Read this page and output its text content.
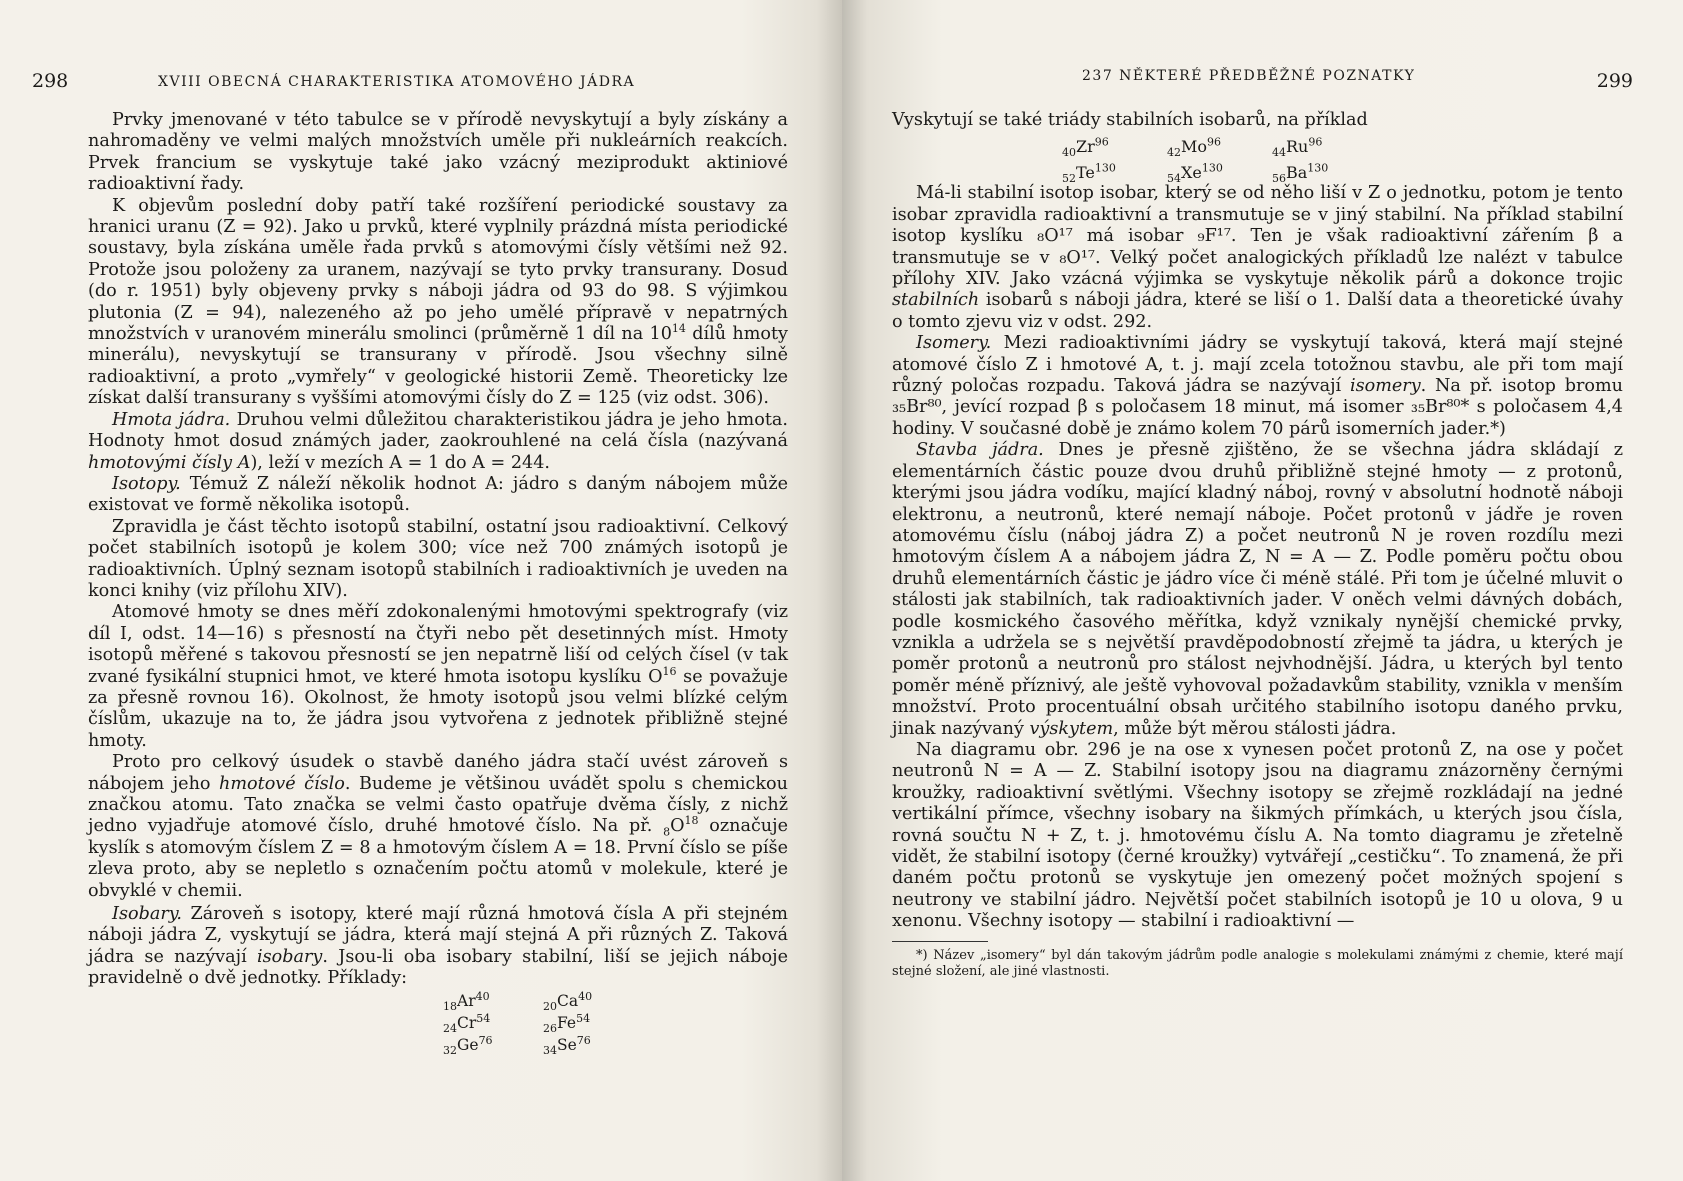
298	XVIII OBECNÁ CHARAKTERISTIKA ATOMOVÉHO JÁDRA

Prvky jmenované v této tabulce se v přírodě nevyskytují a byly získány a nahromaděny ve velmi malých množstvích uměle při nukleárních reakcích. Prvek francium se vyskytuje také jako vzácný meziprodukt aktiniové radioaktivní řady.

K objevům poslední doby patří také rozšíření periodické soustavy za hranici uranu (Z = 92). Jako u prvků, které vyplnily prázdná místa periodické soustavy, byla získána uměle řada prvků s atomovými čísly většími než 92. Protože jsou položeny za uranem, nazývají se tyto prvky transurany. Dosud (do r. 1951) byly objeveny prvky s náboji jádra od 93 do 98. S výjimkou plutonia (Z = 94), nalezeného až po jeho umělé přípravě v nepatrných množstvích v uranovém minerálu smolinci (průměrně 1 díl na $10^{14}$ dílů hmoty minerálu), nevyskytují se transurany v přírodě. Jsou všechny silně radioaktivní, a proto „vymřely“ v geologické historii Země. Theoreticky lze získat další transurany s vyššími atomovými čísly do Z = 125 (viz odst. 306).

Hmota jádra. Druhou velmi důležitou charakteristikou jádra je jeho hmota. Hodnoty hmot dosud známých jader, zaokrouhlené na celá čísla (nazývaná hmotovými čísly A), leží v mezích A = 1 do A = 244.

Isotopy. Témuž Z náleží několik hodnot A: jádro s daným nábojem může existovat ve formě několika isotopů.

Zpravidla je část těchto isotopů stabilní, ostatní jsou radioaktivní. Celkový počet stabilních isotopů je kolem 300; více než 700 známých isotopů je radioaktivních. Úplný seznam isotopů stabilních i radioaktivních je uveden na konci knihy (viz přílohu XIV).

Atomové hmoty se dnes měří zdokonalenými hmotovými spektrografy (viz díl I, odst. 14—16) s přesností na čtyři nebo pět desetinných míst. Hmoty isotopů měřené s takovou přesností se jen nepatrně liší od celých čísel (v tak zvané fysikální stupnici hmot, ve které hmota isotopu kyslíku $O^{16}$ se považuje za přesně rovnou 16). Okolnost, že hmoty isotopů jsou velmi blízké celým číslům, ukazuje na to, že jádra jsou vytvořena z jednotek přibližně stejné hmoty.

Proto pro celkový úsudek o stavbě daného jádra stačí uvést zároveň s nábojem jeho hmotové číslo. Budeme je většinou uvádět spolu s chemickou značkou atomu. Tato značka se velmi často opatřuje dvěma čísly, z nichž jedno vyjadřuje atomové číslo, druhé hmotové číslo. Na př. $_8O^{18}$ označuje kyslík s atomovým číslem Z = 8 a hmotovým číslem A = 18. První číslo se píše zleva proto, aby se nepletlo s označením počtu atomů v molekule, které je obvyklé v chemii.

Isobary. Zároveň s isotopy, které mají různá hmotová čísla A při stejném náboji jádra Z, vyskytují se jádra, která mají stejná A při různých Z. Taková jádra se nazývají isobary. Jsou-li oba isobary stabilní, liší se jejich náboje pravidelně o dvě jednotky. Příklady:

$_{18}Ar^{40}$
$_{20}Ca^{40}$
$_{24}Cr^{54}$
$_{26}Fe^{54}$
$_{32}Ge^{76}$
$_{34}Se^{76}$
237 NĚKTERÉ PŘEDBĚŽNÉ POZNATKY	299

Vyskytují se také triády stabilních isobarů, na příklad

$_{40}Zr^{96}$
$_{42}Mo^{96}$
$_{44}Ru^{96}$
$_{52}Te^{130}$
$_{54}Xe^{130}$
$_{56}Ba^{130}$

Má-li stabilní isotop isobar, který se od něho liší v Z o jednotku, potom je tento isobar zpravidla radioaktivní a transmutuje se v jiný stabilní. Na příklad stabilní isotop kyslíku ₈O¹⁷ má isobar ₉F¹⁷. Ten je však radioaktivní zářením β a transmutuje se v ₈O¹⁷. Velký počet analogických příkladů lze nalézt v tabulce přílohy XIV. Jako vzácná výjimka se vyskytuje několik párů a dokonce trojic stabilních isobarů s náboji jádra, které se liší o 1. Další data a theoretické úvahy o tomto zjevu viz v odst. 292.

Isomery. Mezi radioaktivními jádry se vyskytují taková, která mají stejné atomové číslo Z i hmotové A, t. j. mají zcela totožnou stavbu, ale při tom mají různý poločas rozpadu. Taková jádra se nazývají isomery. Na př. isotop bromu ₃₅Br⁸⁰, jevící rozpad β s poločasem 18 minut, má isomer ₃₅Br⁸⁰* s poločasem 4,4 hodiny. V současné době je známo kolem 70 párů isomerních jader.*)

Stavba jádra. Dnes je přesně zjištěno, že se všechna jádra skládají z elementárních částic pouze dvou druhů přibližně stejné hmoty — z protonů, kterými jsou jádra vodíku, mající kladný náboj, rovný v absolutní hodnotě náboji elektronu, a neutronů, které nemají náboje. Počet protonů v jádře je roven atomovému číslu (náboj jádra Z) a počet neutronů N je roven rozdílu mezi hmotovým číslem A a nábojem jádra Z, N = A — Z. Podle poměru počtu obou druhů elementárních částic je jádro více či méně stálé. Při tom je účelné mluvit o stálosti jak stabilních, tak radioaktivních jader. V oněch velmi dávných dobách, podle kosmického časového měřítka, když vznikaly nynější chemické prvky, vznikla a udržela se s největší pravděpodobností zřejmě ta jádra, u kterých je poměr protonů a neutronů pro stálost nejvhodnější. Jádra, u kterých byl tento poměr méně příznivý, ale ještě vyhovoval požadavkům stability, vznikla v menším množství. Proto procentuální obsah určitého stabilního isotopu daného prvku, jinak nazývaný výskytem, může být měrou stálosti jádra.

Na diagramu obr. 296 je na ose x vynesen počet protonů Z, na ose y počet neutronů N = A — Z. Stabilní isotopy jsou na diagramu znázorněny černými kroužky, radioaktivní světlými. Všechny isotopy se zřejmě rozkládají na jedné vertikální přímce, všechny isobary na šikmých přímkách, u kterých jsou čísla, rovná součtu N + Z, t. j. hmotovému číslu A. Na tomto diagramu je zřetelně vidět, že stabilní isotopy (černé kroužky) vytvářejí „cestičku“. To znamená, že při daném počtu protonů se vyskytuje jen omezený počet možných spojení s neutrony ve stabilní jádro. Největší počet stabilních isotopů je 10 u olova, 9 u xenonu. Všechny isotopy — stabilní i radioaktivní —

*) Název „isomery“ byl dán takovým jádrům podle analogie s molekulami známými z chemie, které mají stejné složení, ale jiné vlastnosti.
